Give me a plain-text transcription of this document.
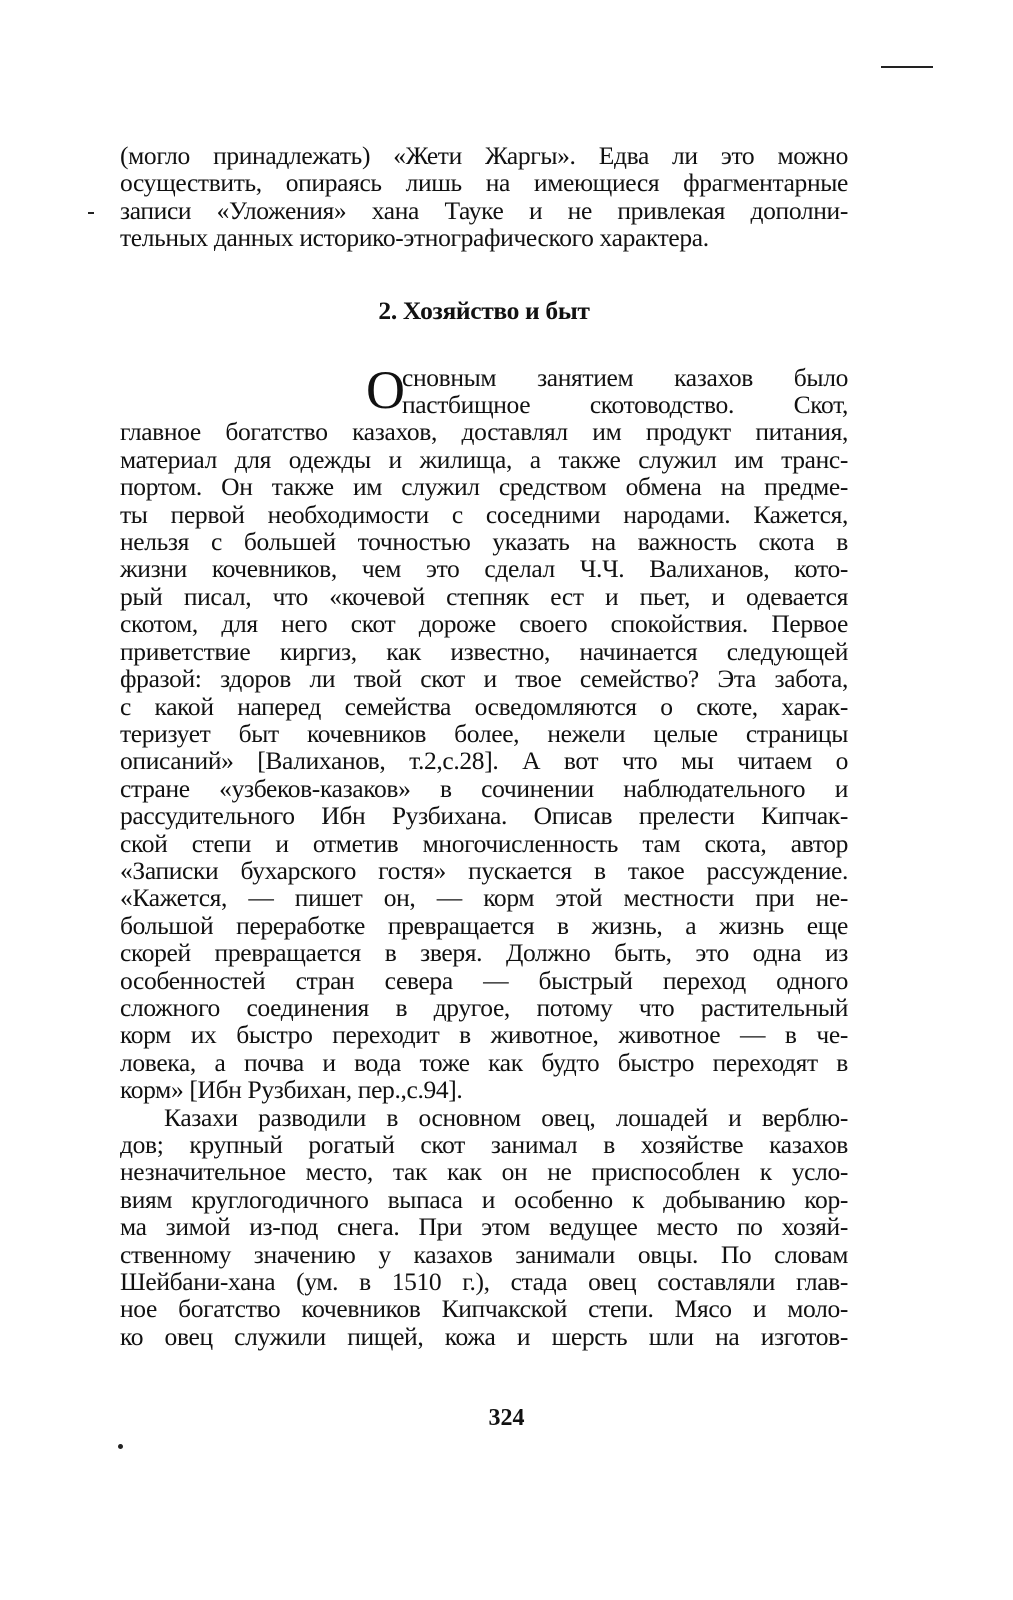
(могло принадлежать) «Жети Жаргы». Едва ли это можно
осуществить, опираясь лишь на имеющиеся фрагментарные
записи «Уложения» хана Тауке и не привлекая дополни-
тельных данных историко-этнографического характера.
2. Хозяйство и быт
О
сновным занятием казахов было
пастбищное скотоводство. Скот,
главное богатство казахов, доставлял им продукт питания,
материал для одежды и жилища, а также служил им транс-
портом. Он также им служил средством обмена на предме-
ты первой необходимости с соседними народами. Кажется,
нельзя с большей точностью указать на важность скота в
жизни кочевников, чем это сделал Ч.Ч. Валиханов, кото-
рый писал, что «кочевой степняк ест и пьет, и одевается
скотом, для него скот дороже своего спокойствия. Первое
приветствие киргиз, как известно, начинается следующей
фразой: здоров ли твой скот и твое семейство? Эта забота,
с какой наперед семейства осведомляются о скоте, харак-
теризует быт кочевников более, нежели целые страницы
описаний» [Валиханов, т.2,с.28]. А вот что мы читаем о
стране «узбеков-казаков» в сочинении наблюдательного и
рассудительного Ибн Рузбихана. Описав прелести Кипчак-
ской степи и отметив многочисленность там скота, автор
«Записки бухарского гостя» пускается в такое рассуждение.
«Кажется, — пишет он, — корм этой местности при не-
большой переработке превращается в жизнь, а жизнь еще
скорей превращается в зверя. Должно быть, это одна из
особенностей стран севера — быстрый переход одного
сложного соединения в другое, потому что растительный
корм их быстро переходит в животное, животное — в че-
ловека, а почва и вода тоже как будто быстро переходят в
корм» [Ибн Рузбихан, пер.,с.94].
Казахи разводили в основном овец, лошадей и верблю-
дов; крупный рогатый скот занимал в хозяйстве казахов
незначительное место, так как он не приспособлен к усло-
виям круглогодичного выпаса и особенно к добыванию кор-
ма зимой из-под снега. При этом ведущее место по хозяй-
ственному значению у казахов занимали овцы. По словам
Шейбани-хана (ум. в 1510 г.), стада овец составляли глав-
ное богатство кочевников Кипчакской степи. Мясо и моло-
ко овец служили пищей, кожа и шерсть шли на изготов-
324
